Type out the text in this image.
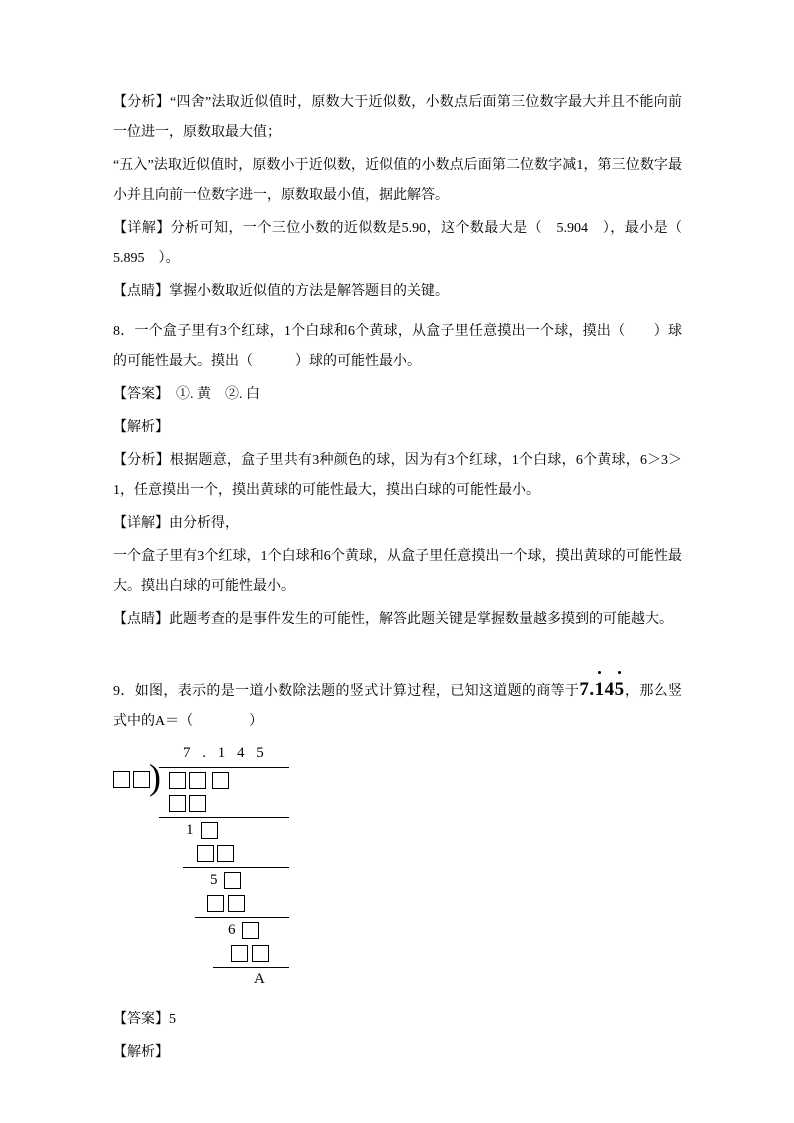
【分析】“四舍”法取近似值时，原数大于近似数，小数点后面第三位数字最大并且不能向前一位进一，原数取最大值；

“五入”法取近似值时，原数小于近似数，近似值的小数点后面第二位数字减1，第三位数字最小并且向前一位数字进一，原数取最小值，据此解答。

【详解】分析可知，一个三位小数的近似数是5.90，这个数最大是（　5.904　），最小是（　5.895　）。

【点睛】掌握小数取近似值的方法是解答题目的关键。

8．一个盒子里有3个红球，1个白球和6个黄球，从盒子里任意摸出一个球，摸出（　　）球的可能性最大。摸出（　　　）球的可能性最小。

【答案】　①. 黄　②. 白

【解析】

【分析】根据题意，盒子里共有3种颜色的球，因为有3个红球，1个白球，6个黄球，6＞3＞1，任意摸出一个，摸出黄球的可能性最大，摸出白球的可能性最小。

【详解】由分析得，

一个盒子里有3个红球，1个白球和6个黄球，从盒子里任意摸出一个球，摸出黄球的可能性最大。摸出白球的可能性最小。

【点睛】此题考查的是事件发生的可能性，解答此题关键是掌握数量越多摸到的可能越大。

9．如图，表示的是一道小数除法题的竖式计算过程，已知这道题的商等于7.145，那么竖式中的A＝（　　　　）

7 . 1 4 5
)
1
5
6
A

【答案】5

【解析】
